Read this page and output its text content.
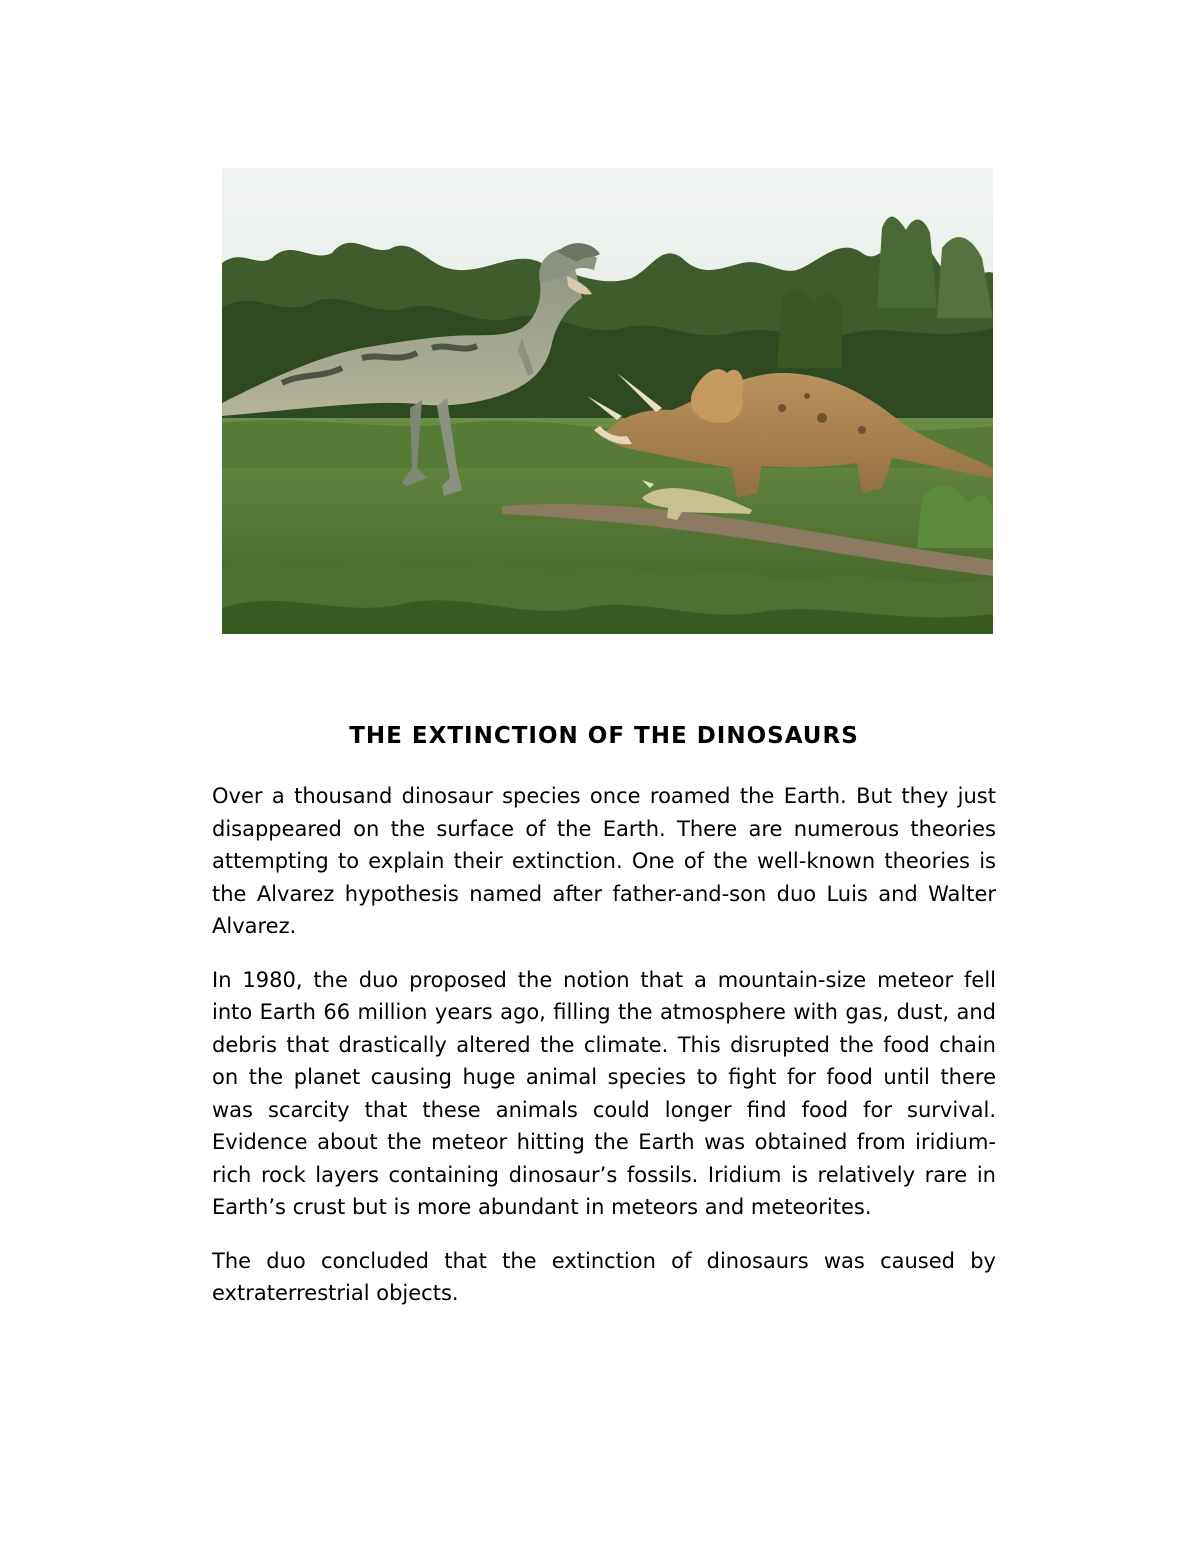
THE EXTINCTION OF THE DINOSAURS

Over a thousand dinosaur species once roamed the Earth. But they just disappeared on the surface of the Earth. There are numerous theories attempting to explain their extinction. One of the well-known theories is the Alvarez hypothesis named after father-and-son duo Luis and Walter Alvarez.

In 1980, the duo proposed the notion that a mountain-size meteor fell into Earth 66 million years ago, filling the atmosphere with gas, dust, and debris that drastically altered the climate. This disrupted the food chain on the planet causing huge animal species to fight for food until there was scarcity that these animals could longer find food for survival. Evidence about the meteor hitting the Earth was obtained from iridium-rich rock layers containing dinosaur’s fossils. Iridium is relatively rare in Earth’s crust but is more abundant in meteors and meteorites.

The duo concluded that the extinction of dinosaurs was caused by extraterrestrial objects.
